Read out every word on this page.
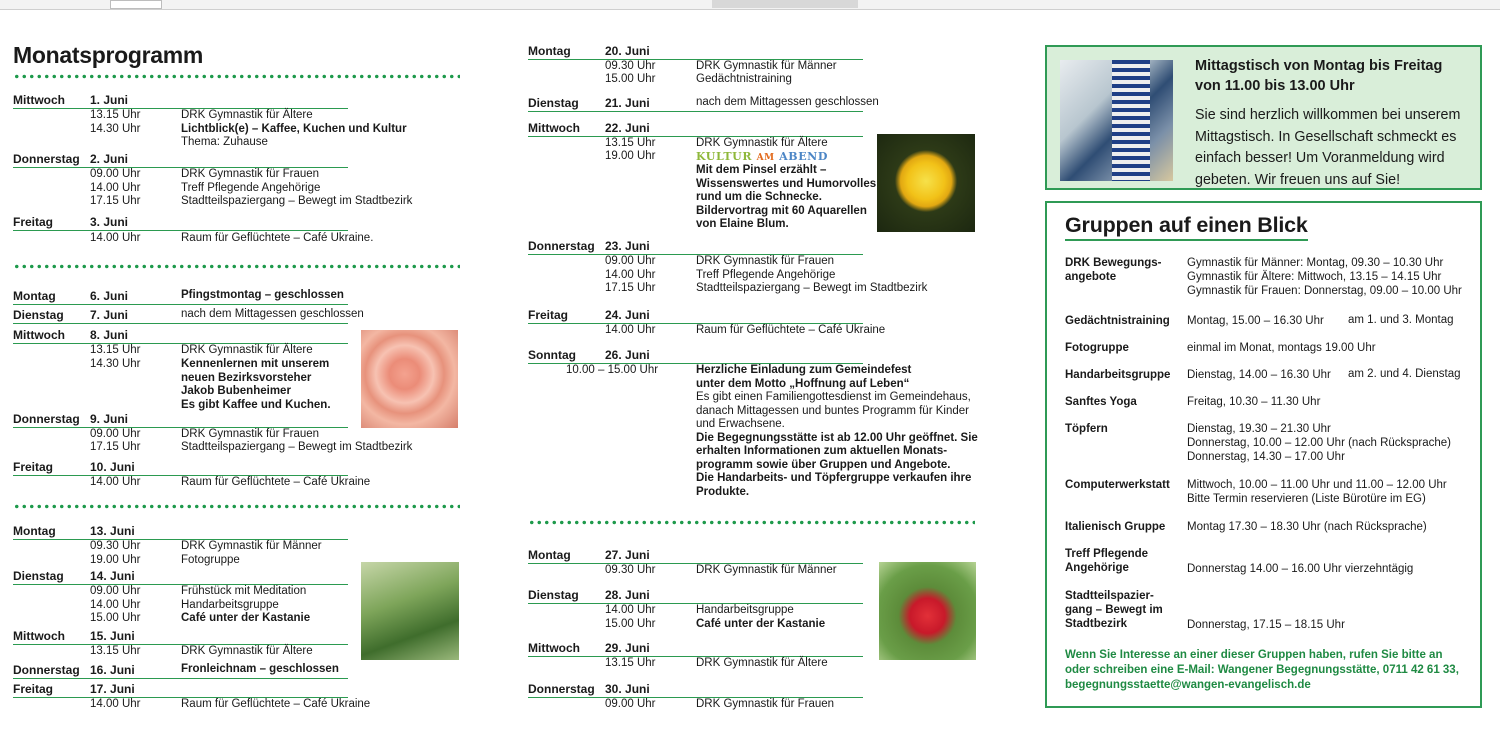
Monatsprogramm
Mittwoch 1. Juni
13.15 Uhr	DRK Gymnastik für Ältere
14.30 Uhr	Lichtblick(e) – Kaffee, Kuchen und Kultur
Thema: Zuhause
Donnerstag 2. Juni
09.00 Uhr	DRK Gymnastik für Frauen
14.00 Uhr	Treff Pflegende Angehörige
17.15 Uhr	Stadtteilspaziergang – Bewegt im Stadtbezirk
Freitag	3. Juni
14.00 Uhr	Raum für Geflüchtete – Café Ukraine.
Montag	6. Juni	Pfingstmontag – geschlossen
Dienstag 7. Juni	nach dem Mittagessen geschlossen
Mittwoch 8. Juni
13.15 Uhr	DRK Gymnastik für Ältere
14.30 Uhr	Kennenlernen mit unserem
neuen Bezirksvorsteher
Jakob Bubenheimer
Es gibt Kaffee und Kuchen.
Donnerstag 9. Juni
09.00 Uhr	DRK Gymnastik für Frauen
17.15 Uhr	Stadtteilspaziergang – Bewegt im Stadtbezirk
Freitag	10. Juni
14.00 Uhr	Raum für Geflüchtete – Café Ukraine
Montag	13. Juni
09.30 Uhr	DRK Gymnastik für Männer
19.00 Uhr	Fotogruppe
Dienstag 14. Juni
09.00 Uhr	Frühstück mit Meditation
14.00 Uhr	Handarbeitsgruppe
15.00 Uhr	Café unter der Kastanie
Mittwoch 15. Juni
13.15 Uhr	DRK Gymnastik für Ältere
Donnerstag 16. Juni	Fronleichnam – geschlossen
Freitag	17. Juni
14.00 Uhr	Raum für Geflüchtete – Café Ukraine
Montag	20. Juni
09.30 Uhr	DRK Gymnastik für Männer
15.00 Uhr	Gedächtnistraining
Dienstag 21. Juni	nach dem Mittagessen geschlossen
Mittwoch 22. Juni
13.15 Uhr	DRK Gymnastik für Ältere
19.00 Uhr	KULTUR AM ABEND
Mit dem Pinsel erzählt –
Wissenswertes und Humorvolles
rund um die Schnecke.
Bildervortrag mit 60 Aquarellen
von Elaine Blum.
Donnerstag 23. Juni
09.00 Uhr	DRK Gymnastik für Frauen
14.00 Uhr	Treff Pflegende Angehörige
17.15 Uhr	Stadtteilspaziergang – Bewegt im Stadtbezirk
Freitag	24. Juni
14.00 Uhr	Raum für Geflüchtete – Café Ukraine
Sonntag 26. Juni
10.00 – 15.00 Uhr	Herzliche Einladung zum Gemeindefest
unter dem Motto „Hoffnung auf Leben“
Es gibt einen Familiengottesdienst im Gemeindehaus,
danach Mittagessen und buntes Programm für Kinder
und Erwachsene.
Die Begegnungsstätte ist ab 12.00 Uhr geöffnet. Sie
erhalten Informationen zum aktuellen Monats-
programm sowie über Gruppen und Angebote.
Die Handarbeits- und Töpfergruppe verkaufen ihre
Produkte.
Montag	27. Juni
09.30 Uhr	DRK Gymnastik für Männer
Dienstag 28. Juni
14.00 Uhr	Handarbeitsgruppe
15.00 Uhr	Café unter der Kastanie
Mittwoch 29. Juni
13.15 Uhr	DRK Gymnastik für Ältere
Donnerstag 30. Juni
09.00 Uhr	DRK Gymnastik für Frauen
Mittagstisch von Montag bis Freitag
von 11.00 bis 13.00 Uhr
Sie sind herzlich willkommen bei unserem
Mittagstisch. In Gesellschaft schmeckt es
einfach besser! Um Voranmeldung wird
gebeten. Wir freuen uns auf Sie!
Gruppen auf einen Blick
DRK Bewegungs-
angebote
Gymnastik für Männer: Montag, 09.30 – 10.30 Uhr
Gymnastik für Ältere: Mittwoch, 13.15 – 14.15 Uhr
Gymnastik für Frauen: Donnerstag, 09.00 – 10.00 Uhr
Gedächtnistraining	Montag, 15.00 – 16.30 Uhr am 1. und 3. Montag
Fotogruppe	einmal im Monat, montags 19.00 Uhr
Handarbeitsgruppe	Dienstag, 14.00 – 16.30 Uhr am 2. und 4. Dienstag
Sanftes Yoga	Freitag, 10.30 – 11.30 Uhr
Töpfern	Dienstag, 19.30 – 21.30 Uhr
Donnerstag, 10.00 – 12.00 Uhr (nach Rücksprache)
Donnerstag, 14.30 – 17.00 Uhr
Computerwerkstatt	Mittwoch, 10.00 – 11.00 Uhr und 11.00 – 12.00 Uhr
Bitte Termin reservieren (Liste Bürotüre im EG)
Italienisch Gruppe	Montag 17.30 – 18.30 Uhr (nach Rücksprache)
Treff Pflegende
Angehörige	Donnerstag 14.00 – 16.00 Uhr vierzehntägig
Stadtteilspazier-
gang – Bewegt im
Stadtbezirk	Donnerstag, 17.15 – 18.15 Uhr
Wenn Sie Interesse an einer dieser Gruppen haben, rufen Sie bitte an
oder schreiben eine E-Mail: Wangener Begegnungsstätte, 0711 42 61 33,
begegnungsstaette@wangen-evangelisch.de
